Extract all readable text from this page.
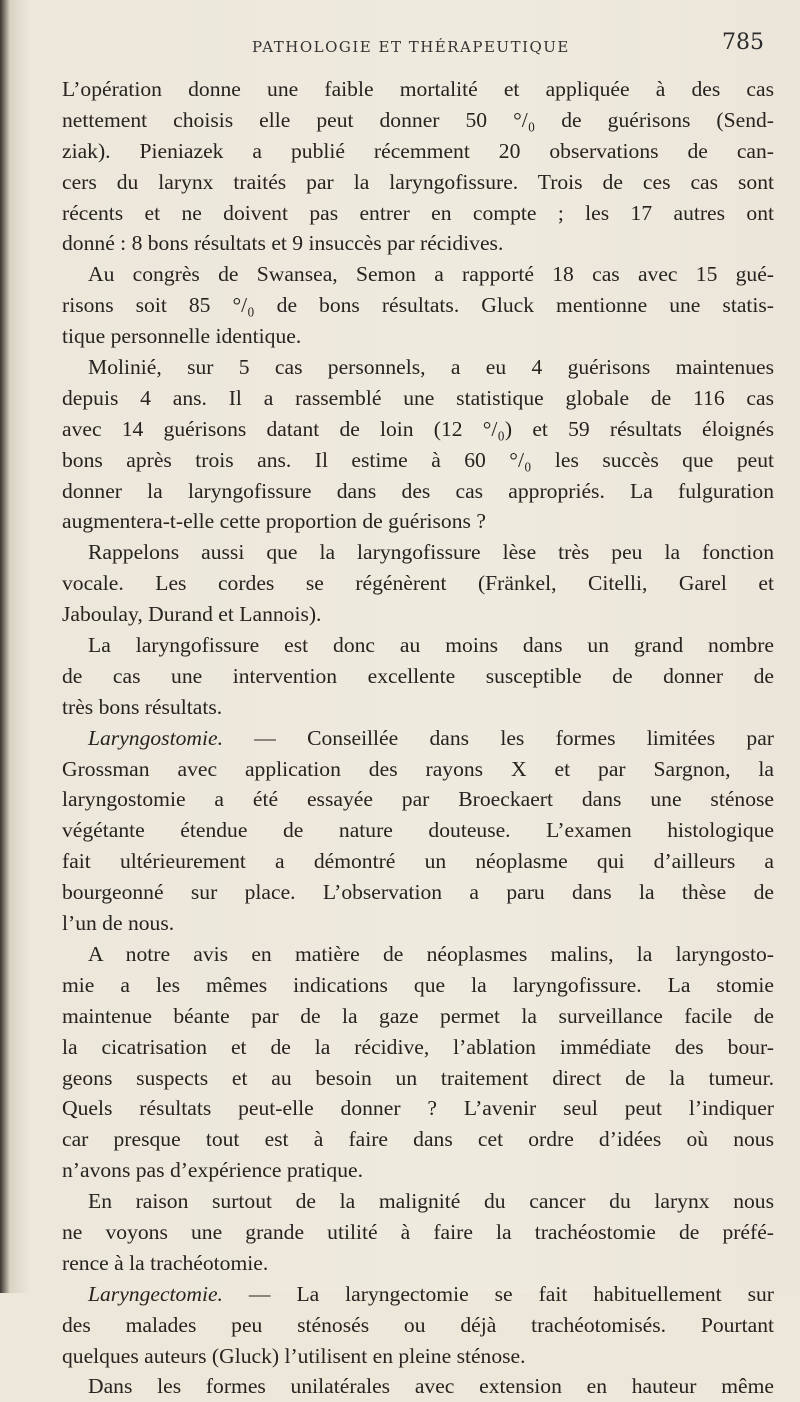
PATHOLOGIE ET THÉRAPEUTIQUE	785
L’opération donne une faible mortalité et appliquée à des cas
nettement choisis elle peut donner 50 °/₀ de guérisons (Send-
ziak). Pieniazek a publié récemment 20 observations de can-
cers du larynx traités par la laryngofissure. Trois de ces cas sont
récents et ne doivent pas entrer en compte ; les 17 autres ont
donné : 8 bons résultats et 9 insuccès par récidives.
Au congrès de Swansea, Semon a rapporté 18 cas avec 15 gué-
risons soit 85 °/₀ de bons résultats. Gluck mentionne une statis-
tique personnelle identique.
Molinié, sur 5 cas personnels, a eu 4 guérisons maintenues
depuis 4 ans. Il a rassemblé une statistique globale de 116 cas
avec 14 guérisons datant de loin (12 °/₀) et 59 résultats éloignés
bons après trois ans. Il estime à 60 °/₀ les succès que peut
donner la laryngofissure dans des cas appropriés. La fulguration
augmentera-t-elle cette proportion de guérisons ?
Rappelons aussi que la laryngofissure lèse très peu la fonction
vocale. Les cordes se régénèrent (Fränkel, Citelli, Garel et
Jaboulay, Durand et Lannois).
La laryngofissure est donc au moins dans un grand nombre
de cas une intervention excellente susceptible de donner de
très bons résultats.
Laryngostomie. — Conseillée dans les formes limitées par
Grossman avec application des rayons X et par Sargnon, la
laryngostomie a été essayée par Broeckaert dans une sténose
végétante étendue de nature douteuse. L’examen histologique
fait ultérieurement a démontré un néoplasme qui d’ailleurs a
bourgeonné sur place. L’observation a paru dans la thèse de
l’un de nous.
A notre avis en matière de néoplasmes malins, la laryngosto-
mie a les mêmes indications que la laryngofissure. La stomie
maintenue béante par de la gaze permet la surveillance facile de
la cicatrisation et de la récidive, l’ablation immédiate des bour-
geons suspects et au besoin un traitement direct de la tumeur.
Quels résultats peut-elle donner ? L’avenir seul peut l’indiquer
car presque tout est à faire dans cet ordre d’idées où nous
n’avons pas d’expérience pratique.
En raison surtout de la malignité du cancer du larynx nous
ne voyons une grande utilité à faire la trachéostomie de préfé-
rence à la trachéotomie.
Laryngectomie. — La laryngectomie se fait habituellement sur
des malades peu sténosés ou déjà trachéotomisés. Pourtant
quelques auteurs (Gluck) l’utilisent en pleine sténose.
Dans les formes unilatérales avec extension en hauteur même
